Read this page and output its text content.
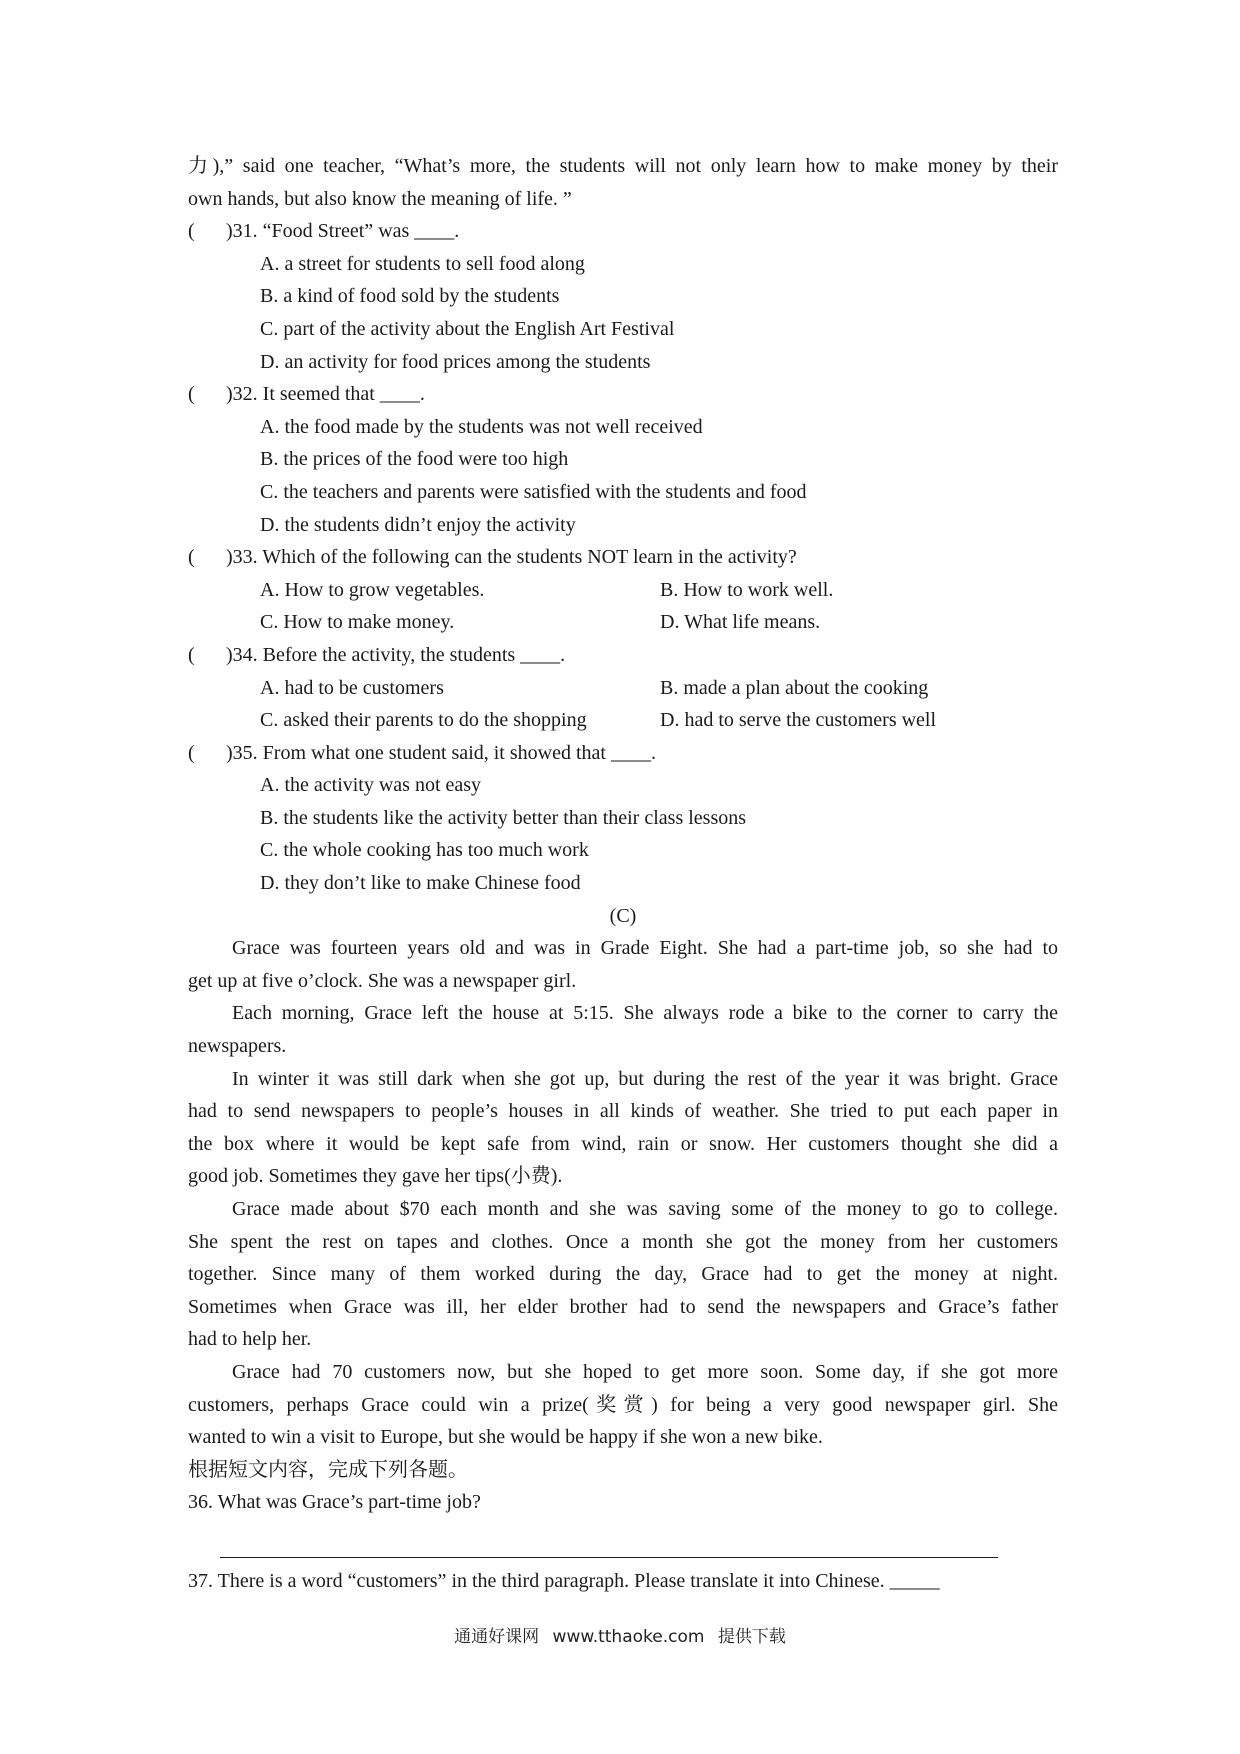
力),” said one teacher, “What’s more, the students will not only learn how to make money by their
own hands, but also know the meaning of life. ”
( )31. “Food Street” was ____.
A. a street for students to sell food along
B. a kind of food sold by the students
C. part of the activity about the English Art Festival
D. an activity for food prices among the students
( )32. It seemed that ____.
A. the food made by the students was not well received
B. the prices of the food were too high
C. the teachers and parents were satisfied with the students and food
D. the students didn’t enjoy the activity
( )33. Which of the following can the students NOT learn in the activity?
A. How to grow vegetables.	B. How to work well.
C. How to make money.	D. What life means.
( )34. Before the activity, the students ____.
A. had to be customers	B. made a plan about the cooking
C. asked their parents to do the shopping	D. had to serve the customers well
( )35. From what one student said, it showed that ____.
A. the activity was not easy
B. the students like the activity better than their class lessons
C. the whole cooking has too much work
D. they don’t like to make Chinese food
(C)
Grace was fourteen years old and was in Grade Eight. She had a part-time job, so she had to
get up at five o’clock. She was a newspaper girl.
Each morning, Grace left the house at 5:15. She always rode a bike to the corner to carry the
newspapers.
In winter it was still dark when she got up, but during the rest of the year it was bright. Grace
had to send newspapers to people’s houses in all kinds of weather. She tried to put each paper in
the box where it would be kept safe from wind, rain or snow. Her customers thought she did a
good job. Sometimes they gave her tips(小费).
Grace made about $70 each month and she was saving some of the money to go to college.
She spent the rest on tapes and clothes. Once a month she got the money from her customers
together. Since many of them worked during the day, Grace had to get the money at night.
Sometimes when Grace was ill, her elder brother had to send the newspapers and Grace’s father
had to help her.
Grace had 70 customers now, but she hoped to get more soon. Some day, if she got more
customers, perhaps Grace could win a prize(奖赏) for being a very good newspaper girl. She
wanted to win a visit to Europe, but she would be happy if she won a new bike.
根据短文内容，完成下列各题。
36. What was Grace’s part-time job?
37. There is a word “customers” in the third paragraph. Please translate it into Chinese. _____
通通好课网 www.tthaoke.com 提供下载
